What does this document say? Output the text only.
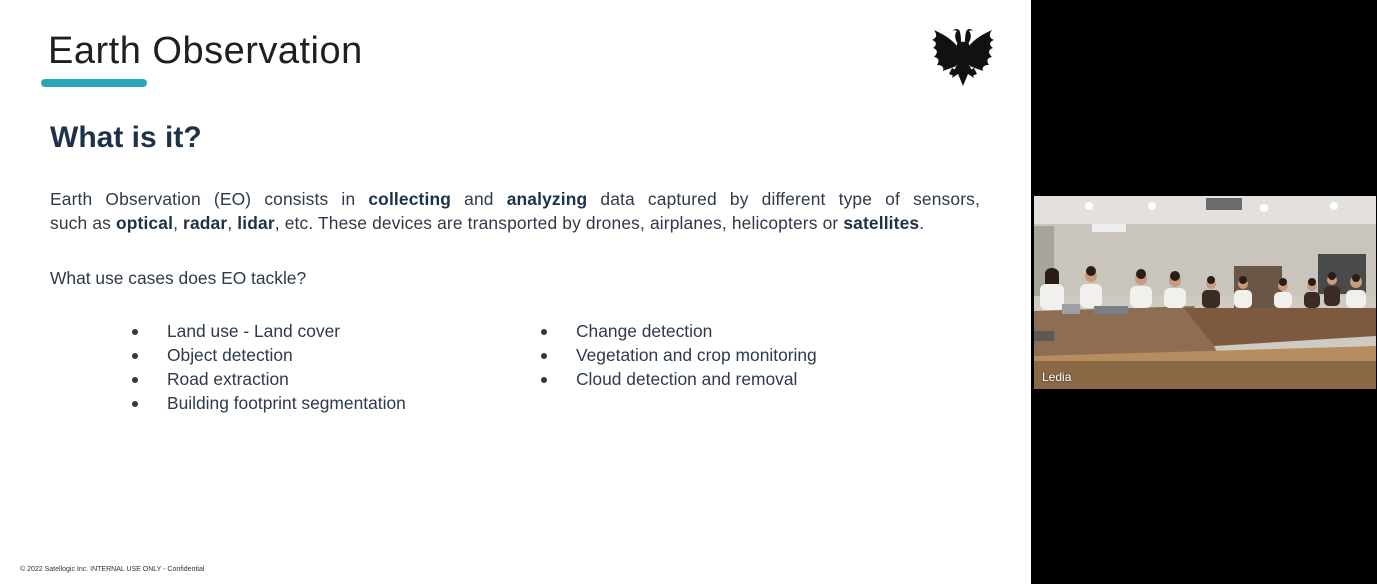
Earth Observation
What is it?
Earth Observation (EO) consists in collecting and analyzing data captured by different type of sensors,
such as optical, radar, lidar, etc. These devices are transported by drones, airplanes, helicopters or satellites.
What use cases does EO tackle?
Land use - Land cover
Object detection
Road extraction
Building footprint segmentation
Change detection
Vegetation and crop monitoring
Cloud detection and removal
© 2022 Satellogic Inc. INTERNAL USE ONLY - Confidential
Ledia
